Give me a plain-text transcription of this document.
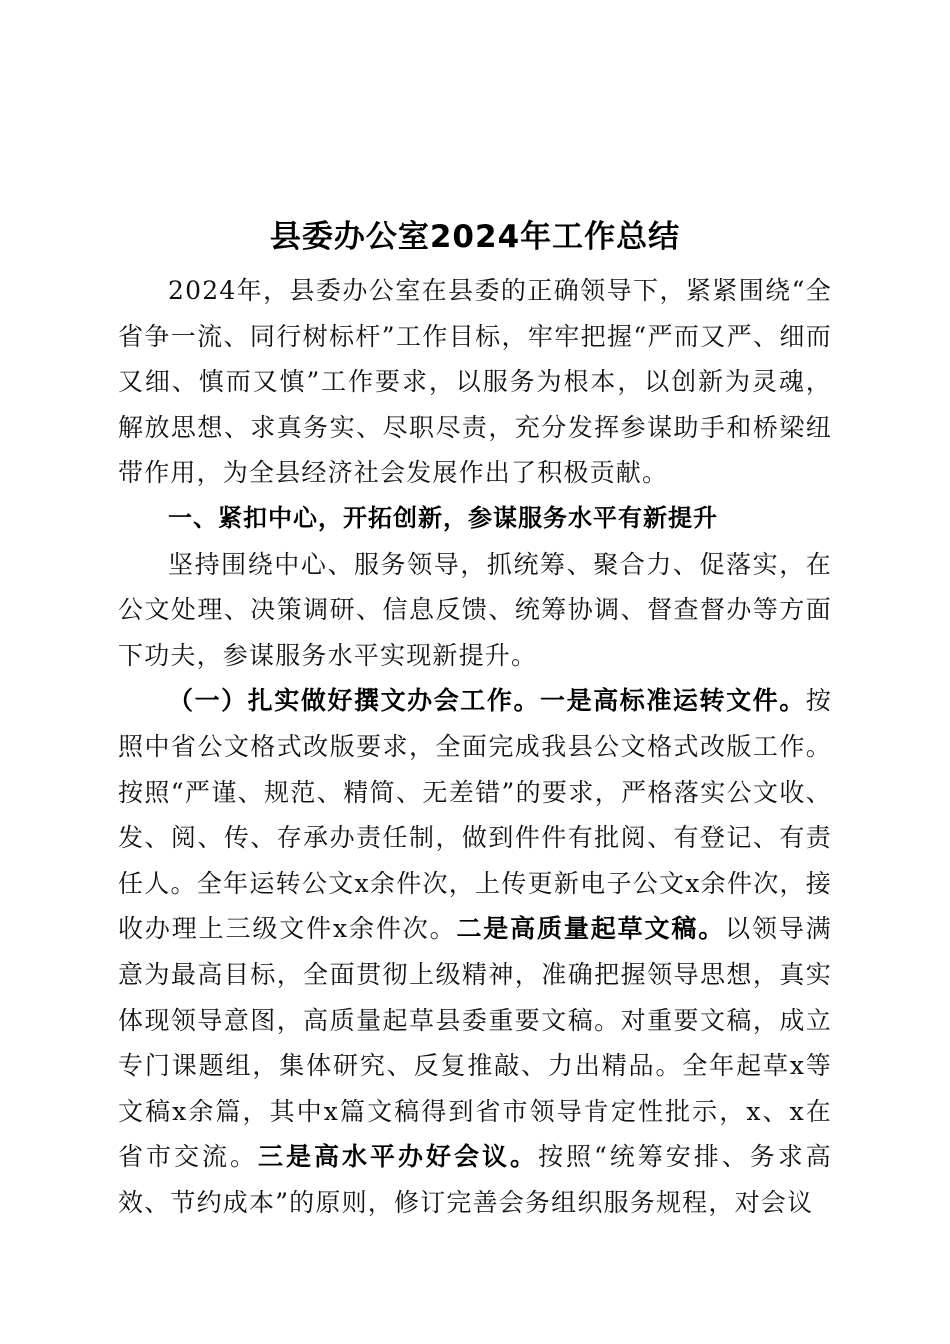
县委办公室2024年工作总结

2024年，县委办公室在县委的正确领导下，紧紧围绕“全省争一流、同行树标杆”工作目标，牢牢把握“严而又严、细而又细、慎而又慎”工作要求，以服务为根本，以创新为灵魂，解放思想、求真务实、尽职尽责，充分发挥参谋助手和桥梁纽带作用，为全县经济社会发展作出了积极贡献。

一、紧扣中心，开拓创新，参谋服务水平有新提升

坚持围绕中心、服务领导，抓统筹、聚合力、促落实，在公文处理、决策调研、信息反馈、统筹协调、督查督办等方面下功夫，参谋服务水平实现新提升。

（一）扎实做好撰文办会工作。一是高标准运转文件。按照中省公文格式改版要求，全面完成我县公文格式改版工作。按照“严谨、规范、精简、无差错”的要求，严格落实公文收、发、阅、传、存承办责任制，做到件件有批阅、有登记、有责任人。全年运转公文x余件次，上传更新电子公文x余件次，接收办理上三级文件x余件次。二是高质量起草文稿。以领导满意为最高目标，全面贯彻上级精神，准确把握领导思想，真实体现领导意图，高质量起草县委重要文稿。对重要文稿，成立专门课题组，集体研究、反复推敲、力出精品。全年起草x等文稿x余篇，其中x篇文稿得到省市领导肯定性批示，x、x在省市交流。三是高水平办好会议。按照“统筹安排、务求高效、节约成本”的原则，修订完善会务组织服务规程，对会议
